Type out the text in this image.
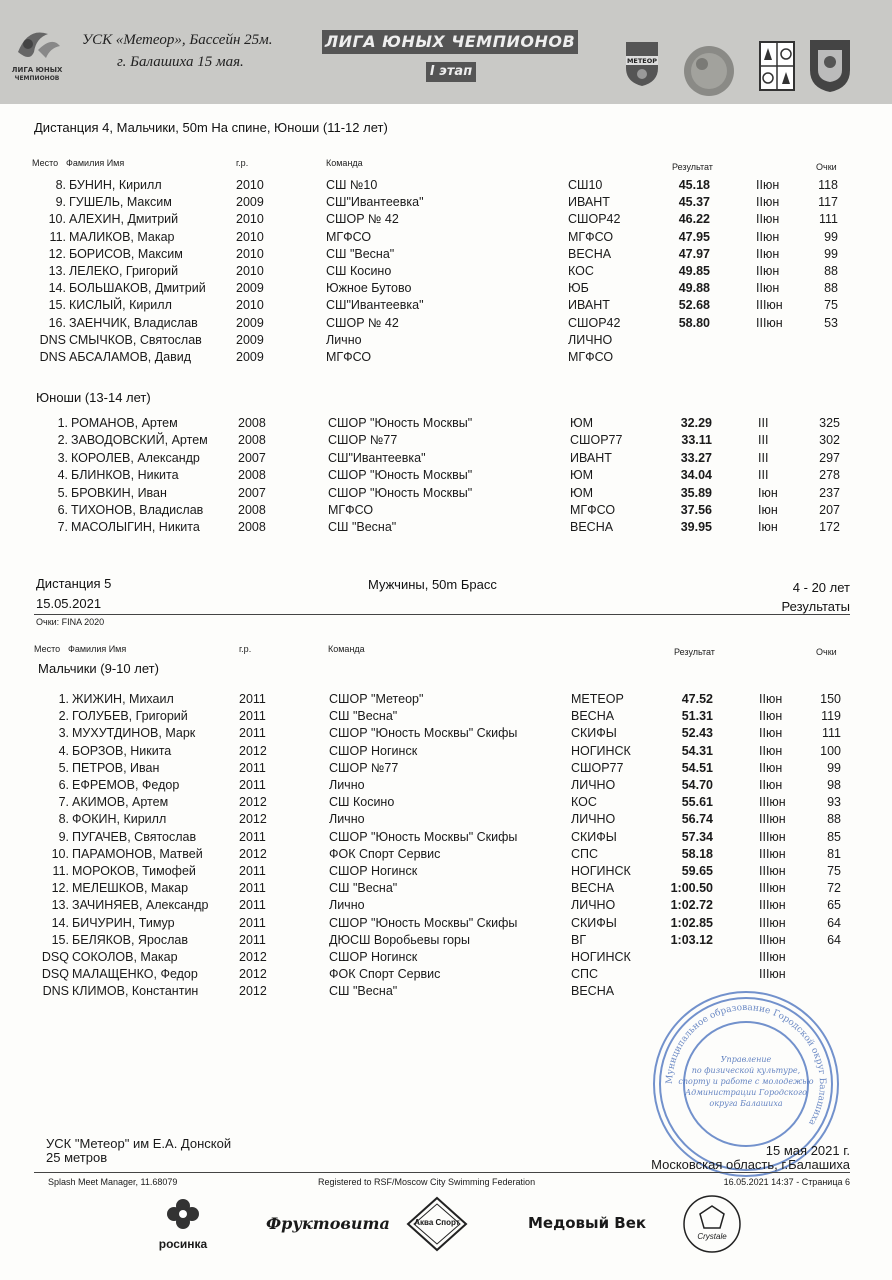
ЛИГА ЮНЫХ
ЧЕМПИОНОВ
УСК «Метеор», Бассейн 25м.
г. Балашиха 15 мая.
ЛИГА ЮНЫХ ЧЕМПИОНОВ
I этап
МЕТЕОР
Дистанция 4, Мальчики, 50m На спине, Юноши (11-12 лет)
Место Фамилия Имя	г.р.	Команда	Результат	Очки
8. БУНИН, Кирилл	2010	СШ №10	СШ10	45.18	IIюн	118
9. ГУШЕЛЬ, Максим	2009	СШ"Ивантеевка"	ИВАНТ	45.37	IIюн	117
10. АЛЕХИН, Дмитрий	2010	СШОР № 42	СШОР42	46.22	IIюн	111
11. МАЛИКОВ, Макар	2010	МГФСО	МГФСО	47.95	IIюн	99
12. БОРИСОВ, Максим	2010	СШ "Весна"	ВЕСНА	47.97	IIюн	99
13. ЛЕЛЕКО, Григорий	2010	СШ Косино	КОС	49.85	IIюн	88
14. БОЛЬШАКОВ, Дмитрий 2009	Южное Бутово	ЮБ	49.88	IIюн	88
15. КИСЛЫЙ, Кирилл	2010	СШ"Ивантеевка"	ИВАНТ	52.68	IIIюн	75
16. ЗАЕНЧИК, Владислав	2009	СШОР № 42	СШОР42	58.80	IIIюн	53
DNS СМЫЧКОВ, Святослав	2009	Лично	ЛИЧНО
DNS АБСАЛАМОВ, Давид	2009	МГФСО	МГФСО
Юноши (13-14 лет)
1. РОМАНОВ, Артем	2008	СШОР "Юность Москвы"	ЮМ	32.29	III	325
2. ЗАВОДОВСКИЙ, Артем 2008	СШОР №77	СШОР77	33.11	III	302
3. КОРОЛЕВ, Александр	2007	СШ"Ивантеевка"	ИВАНТ	33.27	III	297
4. БЛИНКОВ, Никита	2008	СШОР "Юность Москвы"	ЮМ	34.04	III	278
5. БРОВКИН, Иван	2007	СШОР "Юность Москвы"	ЮМ	35.89	Iюн	237
6. ТИХОНОВ, Владислав	2008	МГФСО	МГФСО	37.56	Iюн	207
7. МАСОЛЫГИН, Никита	2008	СШ "Весна"	ВЕСНА	39.95	Iюн	172
Дистанция 5
15.05.2021
Мужчины, 50m Брасс	4 - 20 лет
Результаты
Очки: FINA 2020
Место Фамилия Имя	г.р.	Команда	Результат	Очки
Мальчики (9-10 лет)
1. ЖИЖИН, Михаил	2011	СШОР "Метеор"	МЕТЕОР	47.52	IIюн	150
2. ГОЛУБЕВ, Григорий	2011	СШ "Весна"	ВЕСНА	51.31	IIюн	119
3. МУХУТДИНОВ, Марк	2011	СШОР "Юность Москвы" Скифы	СКИФЫ	52.43	IIюн	111
4. БОРЗОВ, Никита	2012	СШОР Ногинск	НОГИНСК	54.31	IIюн	100
5. ПЕТРОВ, Иван	2011	СШОР №77	СШОР77	54.51	IIюн	99
6. ЕФРЕМОВ, Федор	2011	Лично	ЛИЧНО	54.70	IIюн	98
7. АКИМОВ, Артем	2012	СШ Косино	КОС	55.61	IIIюн	93
8. ФОКИН, Кирилл	2012	Лично	ЛИЧНО	56.74	IIIюн	88
9. ПУГАЧЕВ, Святослав	2011	СШОР "Юность Москвы" Скифы	СКИФЫ	57.34	IIIюн	85
10. ПАРАМОНОВ, Матвей	2012	ФОК Спорт Сервис	СПС	58.18	IIIюн	81
11. МОРОКОВ, Тимофей	2011	СШОР Ногинск	НОГИНСК	59.65	IIIюн	75
12. МЕЛЕШКОВ, Макар	2011	СШ "Весна"	ВЕСНА	1:00.50	IIIюн	72
13. ЗАЧИНЯЕВ, Александр 2011	Лично	ЛИЧНО	1:02.72	IIIюн	65
14. БИЧУРИН, Тимур	2011	СШОР "Юность Москвы" Скифы	СКИФЫ	1:02.85	IIIюн	64
15. БЕЛЯКОВ, Ярослав	2011	ДЮСШ Воробьевы горы	ВГ	1:03.12	IIIюн	64
DSQ СОКОЛОВ, Макар	2012	СШОР Ногинск	НОГИНСК	IIIюн
DSQ МАЛАЩЕНКО, Федор	2012	ФОК Спорт Сервис	СПС	IIIюн
DNS КЛИМОВ, Константин	2012	СШ "Весна"	ВЕСНА
Управление
по физической культуре,
спорту и работе с молодежью
Администрации Городского
округа Балашиха
Муниципальное образование Городской округ Балашиха
УСК "Метеор" им Е.А. Донской
25 метров	15 мая 2021 г.
Московская область, г.Балашиха
Splash Meet Manager, 11.68079	Registered to RSF/Moscow City Swimming Federation	16.05.2021 14:37 - Страница 6
росинка
Фруктовита	Аква Спорт	Медовый Век
Crystale
